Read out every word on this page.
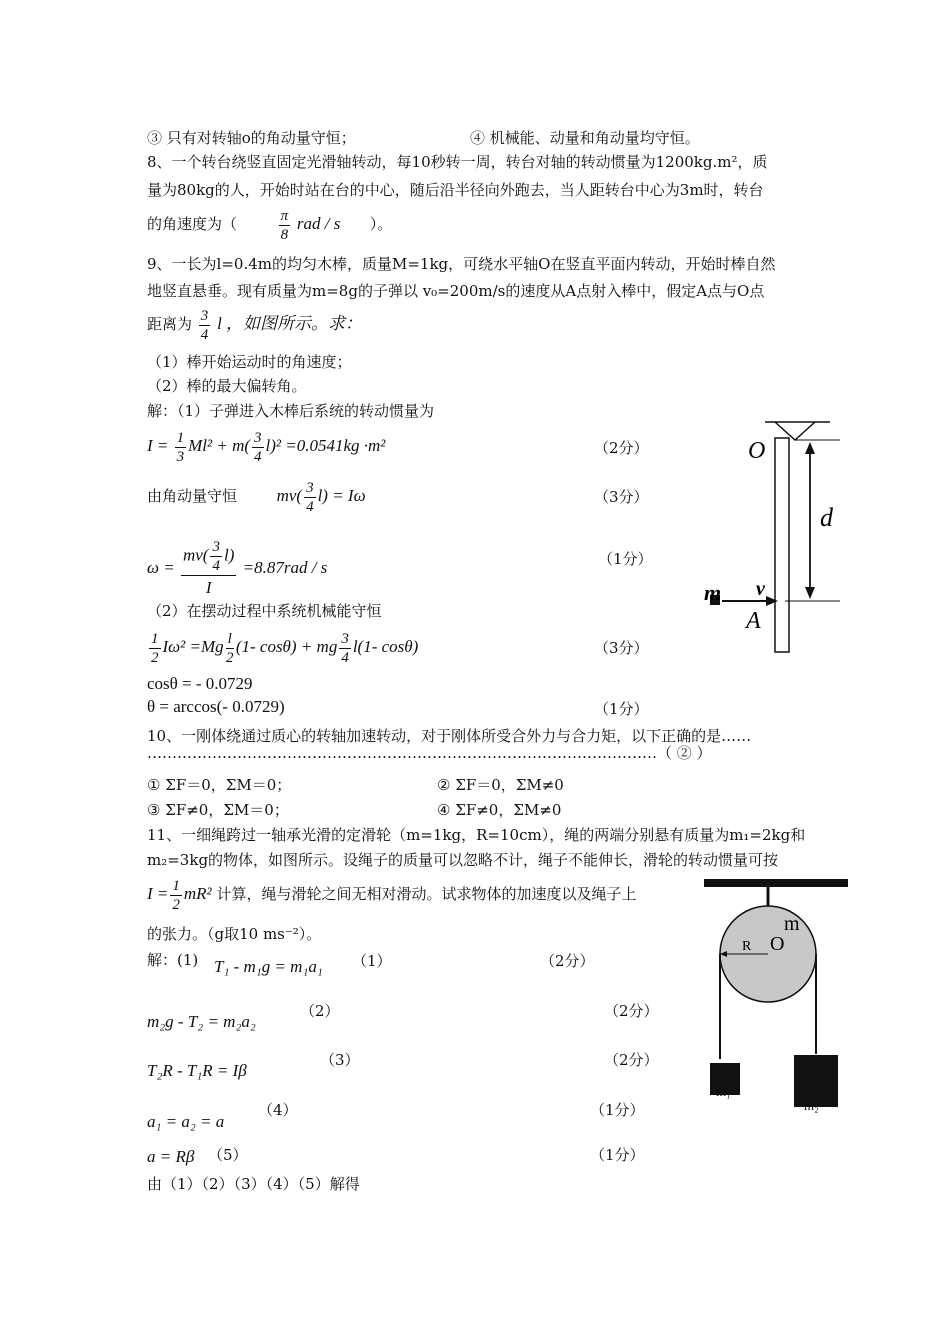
③ 只有对转轴o的角动量守恒；	④ 机械能、动量和角动量均守恒。
8、一个转台绕竖直固定光滑轴转动，每10秒转一周，转台对轴的转动惯量为1200kg.m²，质
量为80kg的人，开始时站在台的中心，随后沿半径向外跑去，当人距转台中心为3m时，转台
的角速度为（	$\frac{\pi}{8}$ rad / s ）。
9、一长为l=0.4m的均匀木棒，质量M=1kg，可绕水平轴O在竖直平面内转动，开始时棒自然
地竖直悬垂。现有质量为m=8g的子弹以 v₀=200m/s的速度从A点射入棒中，假定A点与O点
距离为 $\frac{3}{4}$ l ，如图所示。求：
（1）棒开始运动时的角速度；
（2）棒的最大偏转角。
解：（1）子弹进入木棒后系统的转动惯量为
$I = \frac{1}{3} Ml^2 + m( \frac{3}{4} l)^2 =0.0541kg \cdot m^2$	（2分）
由角动量守恒 $mv( \frac{3}{4} l) = I\omega$	（3分）
$\omega = \frac{mv( \frac{3}{4} l)}{I} =8.87rad / s$	（1分）
（2）在摆动过程中系统机械能守恒
$\frac{1}{2} I\omega^2 =Mg \frac{l}{2} (1-$ cosθ) + mg $\frac{3}{4} l(1-$ cosθ)	（3分）
cosθ = - 0.0729
θ = arccos(- 0.0729)	（1分）
10、一刚体绕通过质心的转轴加速转动，对于刚体所受合外力与合力矩，以下正确的是……
…………………………………………………………………………………………（ ② ）
① ΣF＝0，ΣM＝0；	② ΣF＝0，ΣM≠0
③ ΣF≠0，ΣM＝0；	④ ΣF≠0，ΣM≠0
11、一细绳跨过一轴承光滑的定滑轮（m=1kg，R=10cm），绳的两端分别悬有质量为m₁=2kg和
m₂=3kg的物体，如图所示。设绳子的质量可以忽略不计，绳子不能伸长，滑轮的转动惯量可按
$I = \frac{1}{2} mR^2$ 计算，绳与滑轮之间无相对滑动。试求物体的加速度以及绳子上
的张力。（g取10 ms⁻²）。
解：(1) T₁ - m₁g = m₁a₁ （1）	（2分）
m₂g - T₂ = m₂a₂
（2）	（2分）
T₂R - T₁R = Iβ
（3）	（2分）
a₁ = a₂ = a
（4）	（1分）
a = Rβ （5）	（1分）
由（1）（2）（3）（4）（5）解得
O
d
m v
A
m
R O
m₁
m₂
